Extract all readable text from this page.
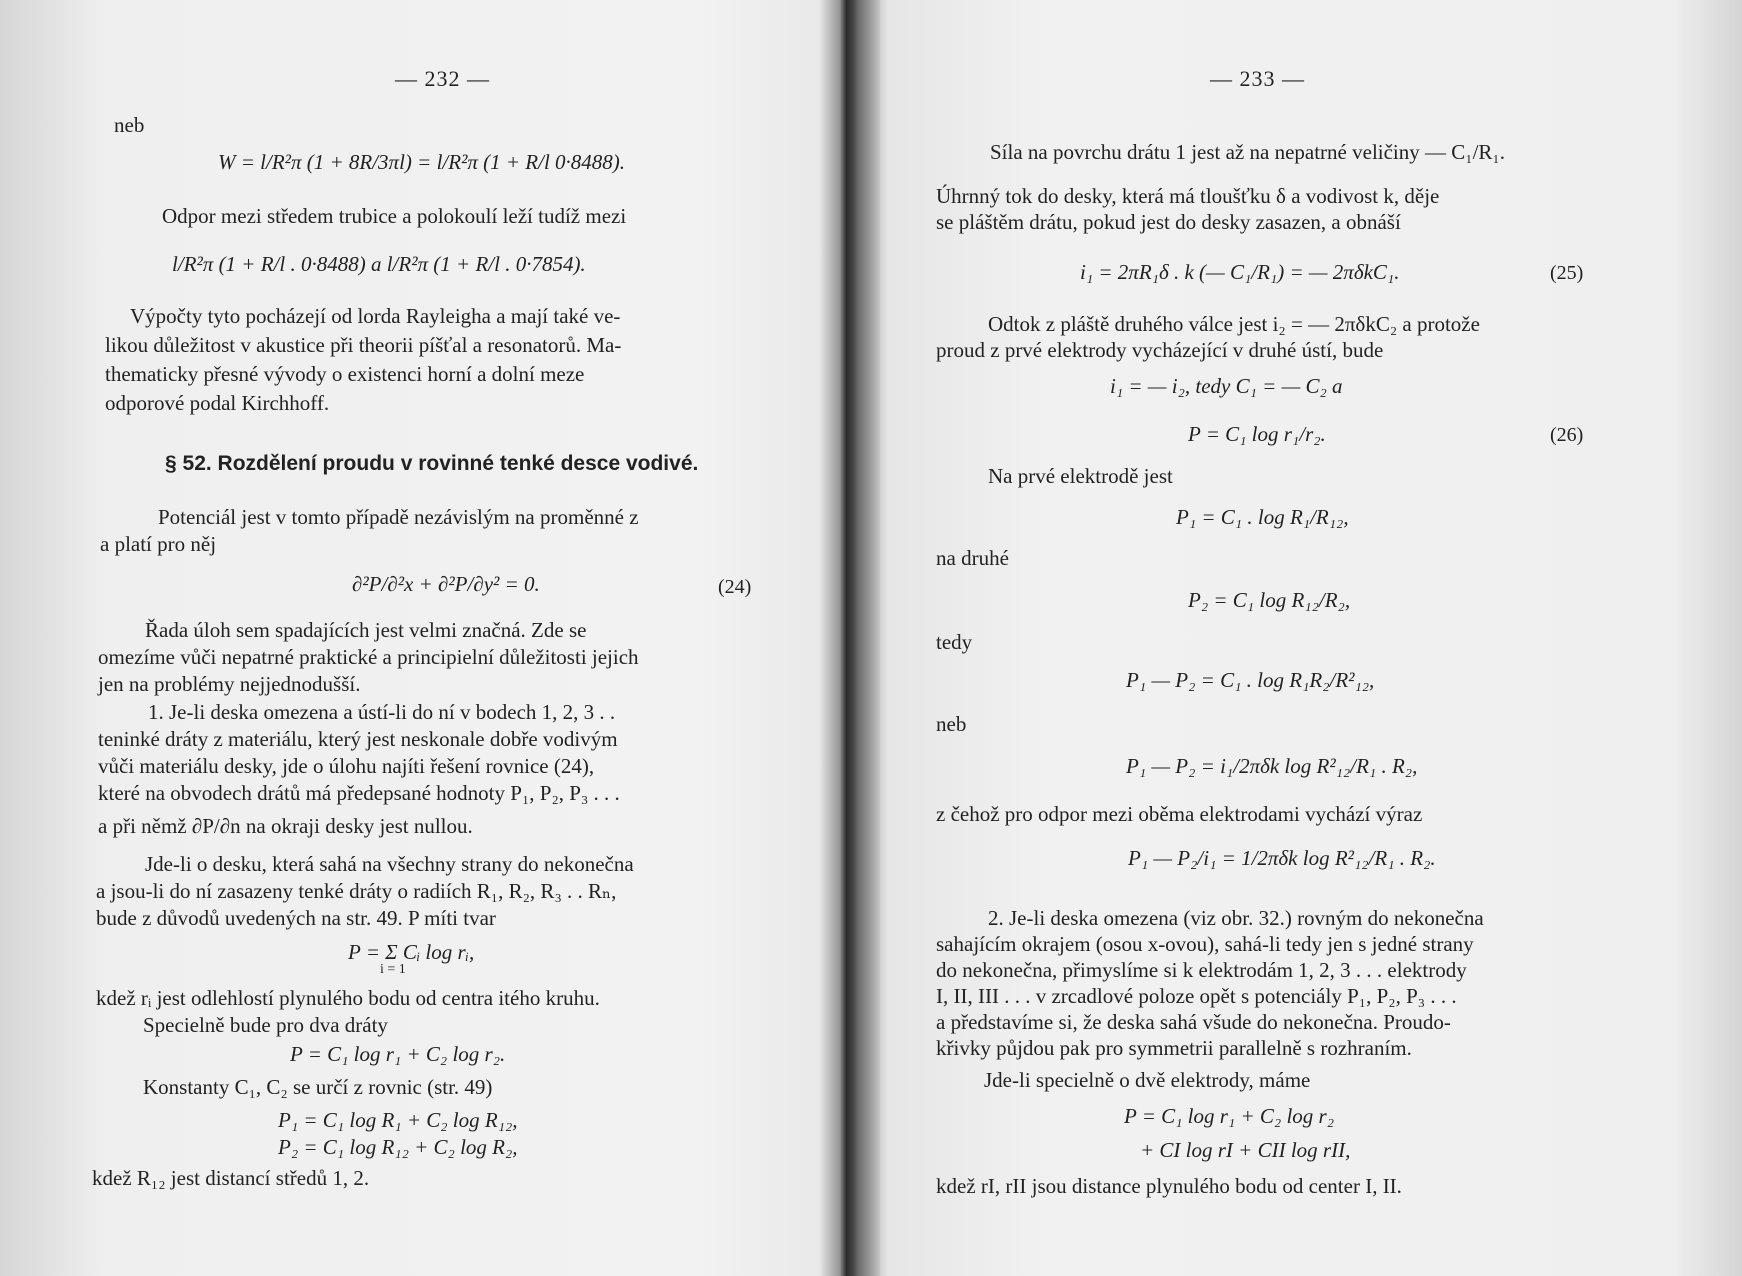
— 232 —
neb
W = l/R²π (1 + 8R/3πl) = l/R²π (1 + R/l 0·8488).
Odpor mezi středem trubice a polokoulí leží tudíž mezi
l/R²π (1 + R/l . 0·8488) a l/R²π (1 + R/l . 0·7854).
Výpočty tyto pocházejí od lorda Rayleigha a mají také ve-
likou důležitost v akustice při theorii píšťal a resonatorů. Ma-
thematicky přesné vývody o existenci horní a dolní meze
odporové podal Kirchhoff.
§ 52. Rozdělení proudu v rovinné tenké desce vodivé.
Potenciál jest v tomto případě nezávislým na proměnné z
a platí pro něj
∂²P/∂²x + ∂²P/∂y² = 0.	(24)
Řada úloh sem spadajících jest velmi značná. Zde se
omezíme vůči nepatrné praktické a principielní důležitosti jejich
jen na problémy nejjednodušší.
1. Je-li deska omezena a ústí-li do ní v bodech 1, 2, 3 . .
teninké dráty z materiálu, který jest neskonale dobře vodivým
vůči materiálu desky, jde o úlohu najíti řešení rovnice (24),
které na obvodech drátů má předepsané hodnoty P₁, P₂, P₃ . . .
a při němž ∂P/∂n na okraji desky jest nullou.
Jde-li o desku, která sahá na všechny strany do nekonečna
a jsou-li do ní zasazeny tenké dráty o radiích R₁, R₂, R₃ . . Rₙ,
bude z důvodů uvedených na str. 49. P míti tvar
P = Σ Cᵢ log rᵢ,
i = 1
kdež rᵢ jest odlehlostí plynulého bodu od centra itého kruhu.
Specielně bude pro dva dráty
P = C₁ log r₁ + C₂ log r₂.
Konstanty C₁, C₂ se určí z rovnic (str. 49)
P₁ = C₁ log R₁ + C₂ log R₁₂,
P₂ = C₁ log R₁₂ + C₂ log R₂,
kdež R₁₂ jest distancí středů 1, 2.
— 233 —
Síla na povrchu drátu 1 jest až na nepatrné veličiny — C₁/R₁.
Úhrnný tok do desky, která má tloušťku δ a vodivost k, děje
se pláštěm drátu, pokud jest do desky zasazen, a obnáší
i₁ = 2πR₁δ . k (— C₁/R₁) = — 2πδkC₁.	(25)
Odtok z pláště druhého válce jest i₂ = — 2πδkC₂ a protože
proud z prvé elektrody vycházející v druhé ústí, bude
i₁ = — i₂, tedy C₁ = — C₂ a
P = C₁ log r₁/r₂.	(26)
Na prvé elektrodě jest
P₁ = C₁ . log R₁/R₁₂,
na druhé
P₂ = C₁ log R₁₂/R₂,
tedy
P₁ — P₂ = C₁ . log R₁R₂/R²₁₂,
neb
P₁ — P₂ = i₁/2πδk log R²₁₂/R₁ . R₂,
z čehož pro odpor mezi oběma elektrodami vychází výraz
P₁ — P₂/i₁ = 1/2πδk log R²₁₂/R₁ . R₂.
2. Je-li deska omezena (viz obr. 32.) rovným do nekonečna
sahajícím okrajem (osou x-ovou), sahá-li tedy jen s jedné strany
do nekonečna, přimyslíme si k elektrodám 1, 2, 3 . . . elektrody
I, II, III . . . v zrcadlové poloze opět s potenciály P₁, P₂, P₃ . . .
a představíme si, že deska sahá všude do nekonečna. Proudo-
křivky půjdou pak pro symmetrii parallelně s rozhraním.
Jde-li specielně o dvě elektrody, máme
P = C₁ log r₁ + C₂ log r₂
+ CI log rI + CII log rII,
kdež rI, rII jsou distance plynulého bodu od center I, II.
